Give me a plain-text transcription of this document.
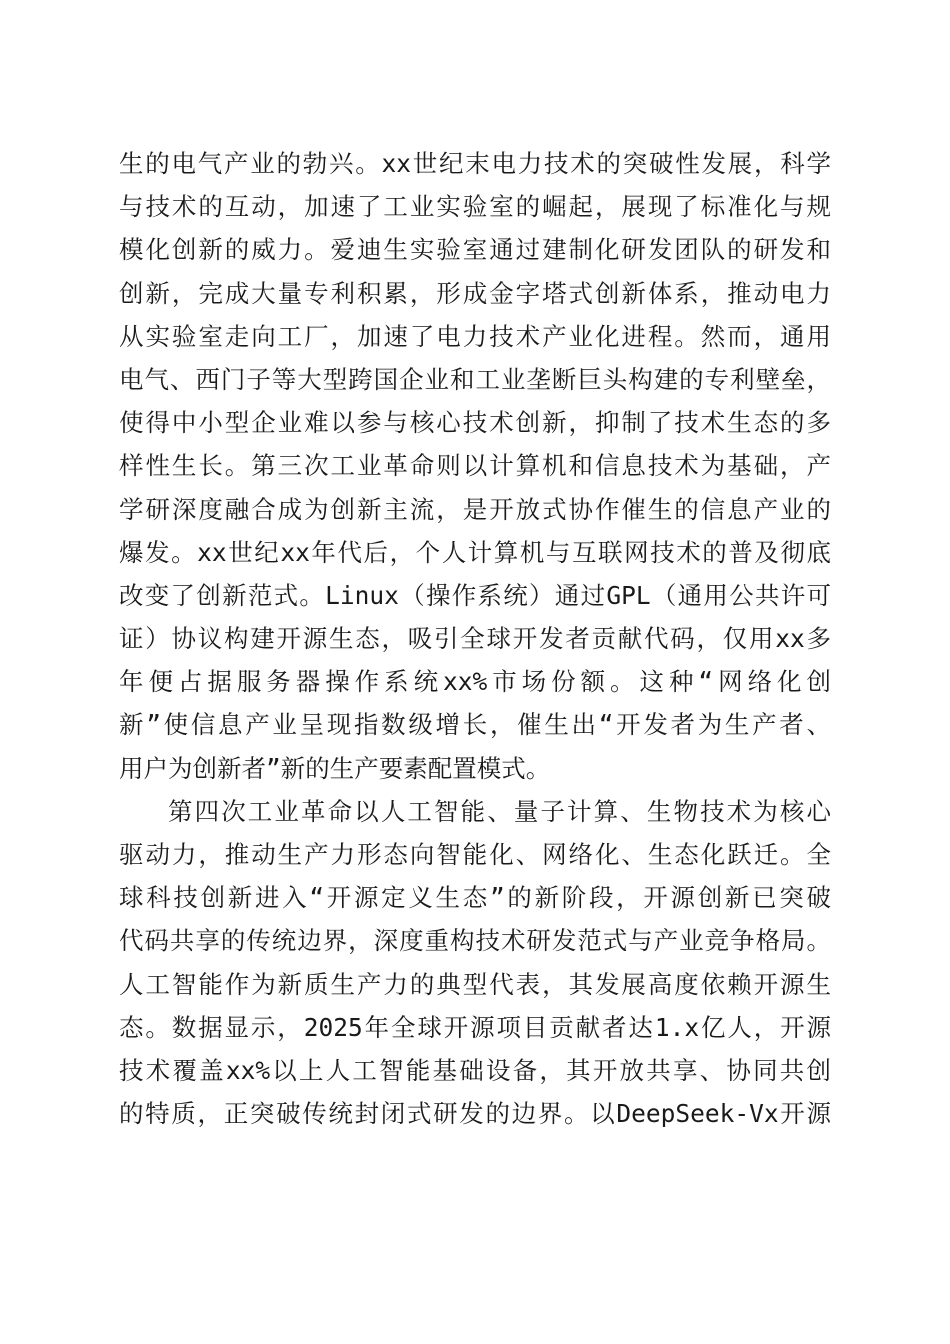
生的电气产业的勃兴。xx世纪末电力技术的突破性发展，科学
与技术的互动，加速了工业实验室的崛起，展现了标准化与规
模化创新的威力。爱迪生实验室通过建制化研发团队的研发和
创新，完成大量专利积累，形成金字塔式创新体系，推动电力
从实验室走向工厂，加速了电力技术产业化进程。然而，通用
电气、西门子等大型跨国企业和工业垄断巨头构建的专利壁垒，
使得中小型企业难以参与核心技术创新，抑制了技术生态的多
样性生长。第三次工业革命则以计算机和信息技术为基础，产
学研深度融合成为创新主流，是开放式协作催生的信息产业的
爆发。xx世纪xx年代后，个人计算机与互联网技术的普及彻底
改变了创新范式。Linux（操作系统）通过GPL（通用公共许可
证）协议构建开源生态，吸引全球开发者贡献代码，仅用xx多
年便占据服务器操作系统xx%市场份额。这种“网络化创
新”使信息产业呈现指数级增长，催生出“开发者为生产者、
用户为创新者”新的生产要素配置模式。
第四次工业革命以人工智能、量子计算、生物技术为核心
驱动力，推动生产力形态向智能化、网络化、生态化跃迁。全
球科技创新进入“开源定义生态”的新阶段，开源创新已突破
代码共享的传统边界，深度重构技术研发范式与产业竞争格局。
人工智能作为新质生产力的典型代表，其发展高度依赖开源生
态。数据显示，2025年全球开源项目贡献者达1.x亿人，开源
技术覆盖xx%以上人工智能基础设备，其开放共享、协同共创
的特质，正突破传统封闭式研发的边界。以DeepSeek-Vx开源
